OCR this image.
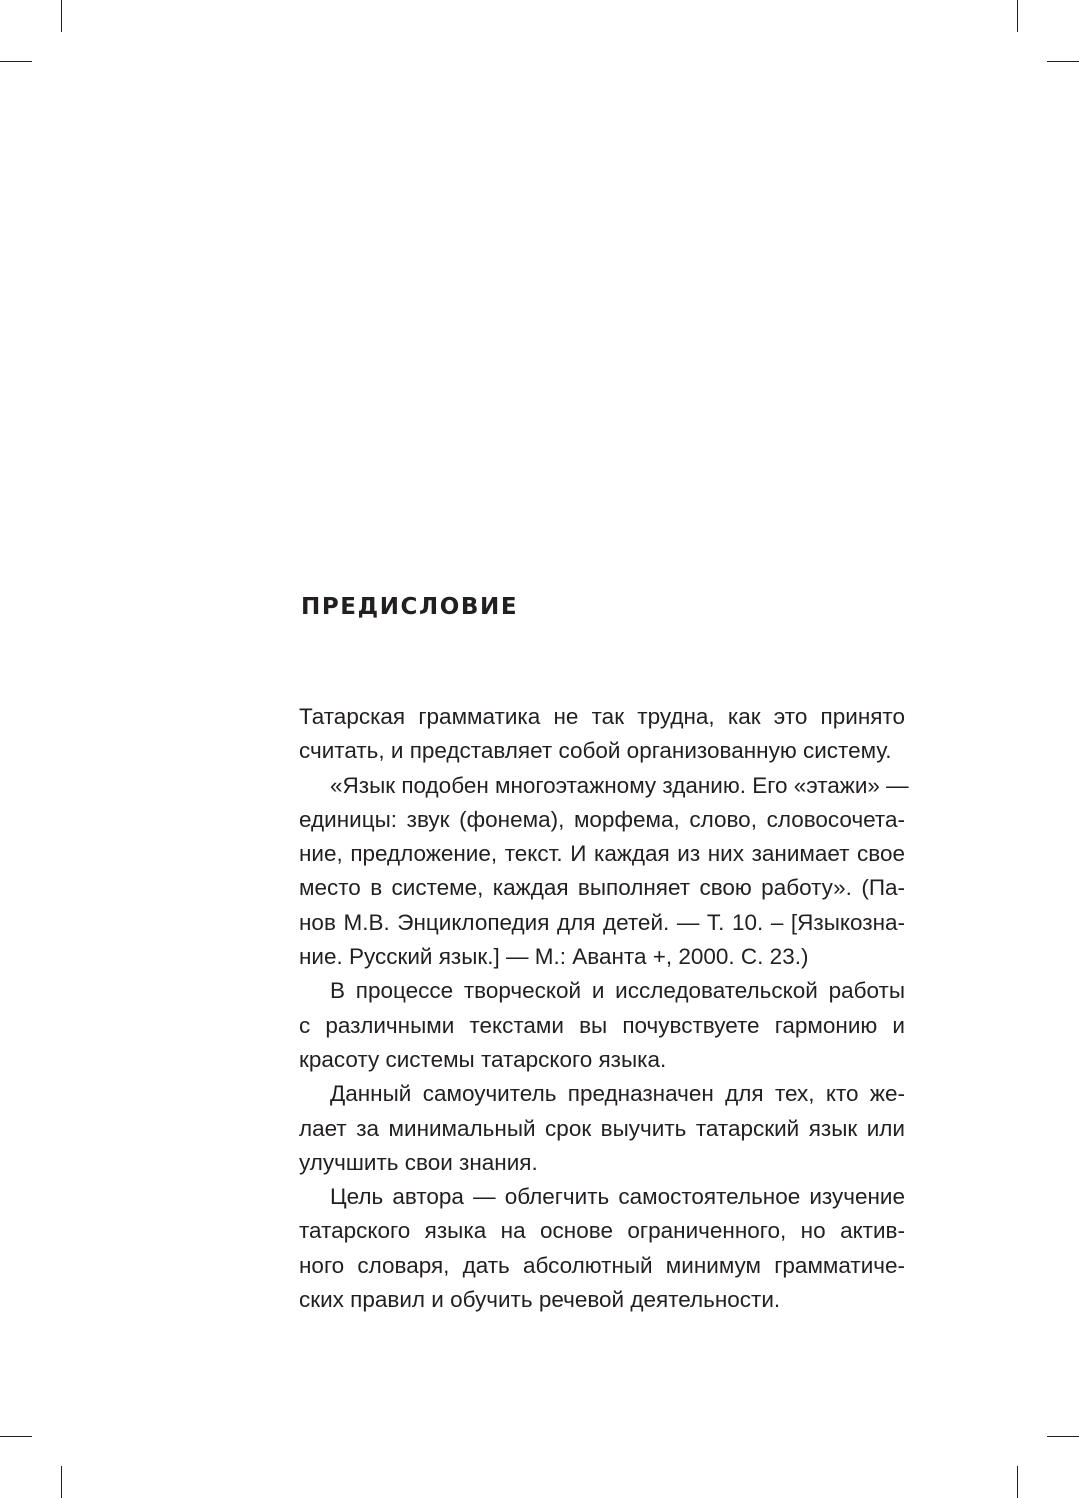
ПРЕДИСЛОВИЕ
Татарская грамматика не так трудна, как это принято
считать, и представляет собой организованную систему.
«Язык подобен многоэтажному зданию. Его «этажи» —
единицы: звук (фонема), морфема, слово, словосочета-
ние, предложение, текст. И каждая из них занимает свое
место в системе, каждая выполняет свою работу». (Па-
нов М.В. Энциклопедия для детей. — Т. 10. – [Языкозна-
ние. Русский язык.] — М.: Аванта +, 2000. С. 23.)
В процессе творческой и исследовательской работы
с различными текстами вы почувствуете гармонию и
красоту системы татарского языка.
Данный самоучитель предназначен для тех, кто же-
лает за минимальный срок выучить татарский язык или
улучшить свои знания.
Цель автора — облегчить самостоятельное изучение
татарского языка на основе ограниченного, но актив-
ного словаря, дать абсолютный минимум грамматиче-
ских правил и обучить речевой деятельности.
